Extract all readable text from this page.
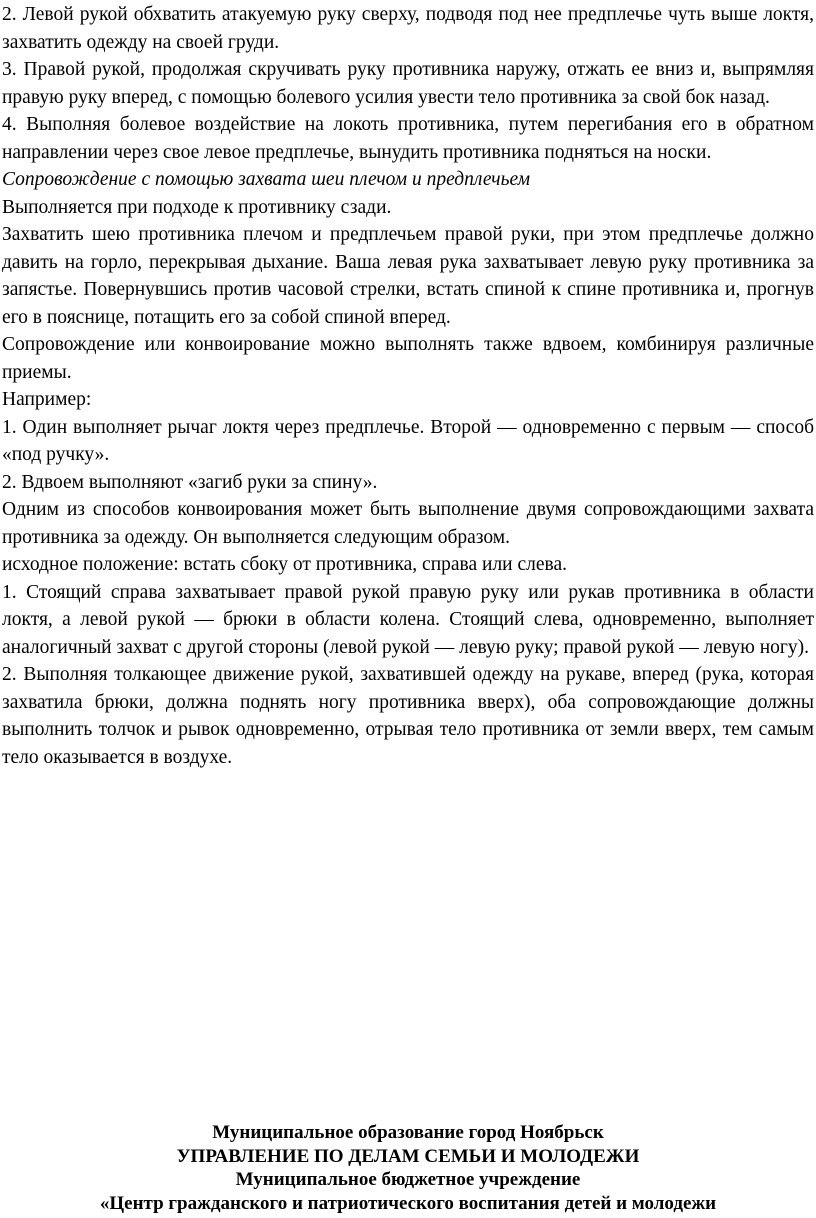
2. Левой рукой обхватить атакуемую руку сверху, подводя под нее предплечье чуть выше локтя, захватить одежду на своей груди.

3. Правой рукой, продолжая скручивать руку противника наружу, отжать ее вниз и, выпрямляя правую руку вперед, с помощью болевого усилия увести тело противника за свой бок назад.

4. Выполняя болевое воздействие на локоть противника, путем перегибания его в обратном направлении через свое левое предплечье, вынудить противника подняться на носки.

Сопровождение с помощью захвата шеи плечом и предплечьем

Выполняется при подходе к противнику сзади.

Захватить шею противника плечом и предплечьем правой руки, при этом предплечье должно давить на горло, перекрывая дыхание. Ваша левая рука захватывает левую руку противника за запястье. Повернувшись против часовой стрелки, встать спиной к спине противника и, прогнув его в пояснице, потащить его за собой спиной вперед.

Сопровождение или конвоирование можно выполнять также вдвоем, комбинируя различные приемы.

Например:

1. Один выполняет рычаг локтя через предплечье. Второй — одновременно с первым — способ «под ручку».

2. Вдвоем выполняют «загиб руки за спину».

Одним из способов конвоирования может быть выполнение двумя сопровождающими захвата противника за одежду. Он выполняется следующим образом.

исходное положение: встать сбоку от противника, справа или слева.

1. Стоящий справа захватывает правой рукой правую руку или рукав противника в области локтя, а левой рукой — брюки в области колена. Стоящий слева, одновременно, выполняет аналогичный захват с другой стороны (левой рукой — левую руку; правой рукой — левую ногу).

2. Выполняя толкающее движение рукой, захватившей одежду на рукаве, вперед (рука, которая захватила брюки, должна поднять ногу противника вверх), оба сопровождающие должны выполнить толчок и рывок одновременно, отрывая тело противника от земли вверх, тем самым тело оказывается в воздухе.

Муниципальное образование город Ноябрьск
УПРАВЛЕНИЕ ПО ДЕЛАМ СЕМЬИ И МОЛОДЕЖИ
Муниципальное бюджетное учреждение
«Центр гражданского и патриотического воспитания детей и молодежи
